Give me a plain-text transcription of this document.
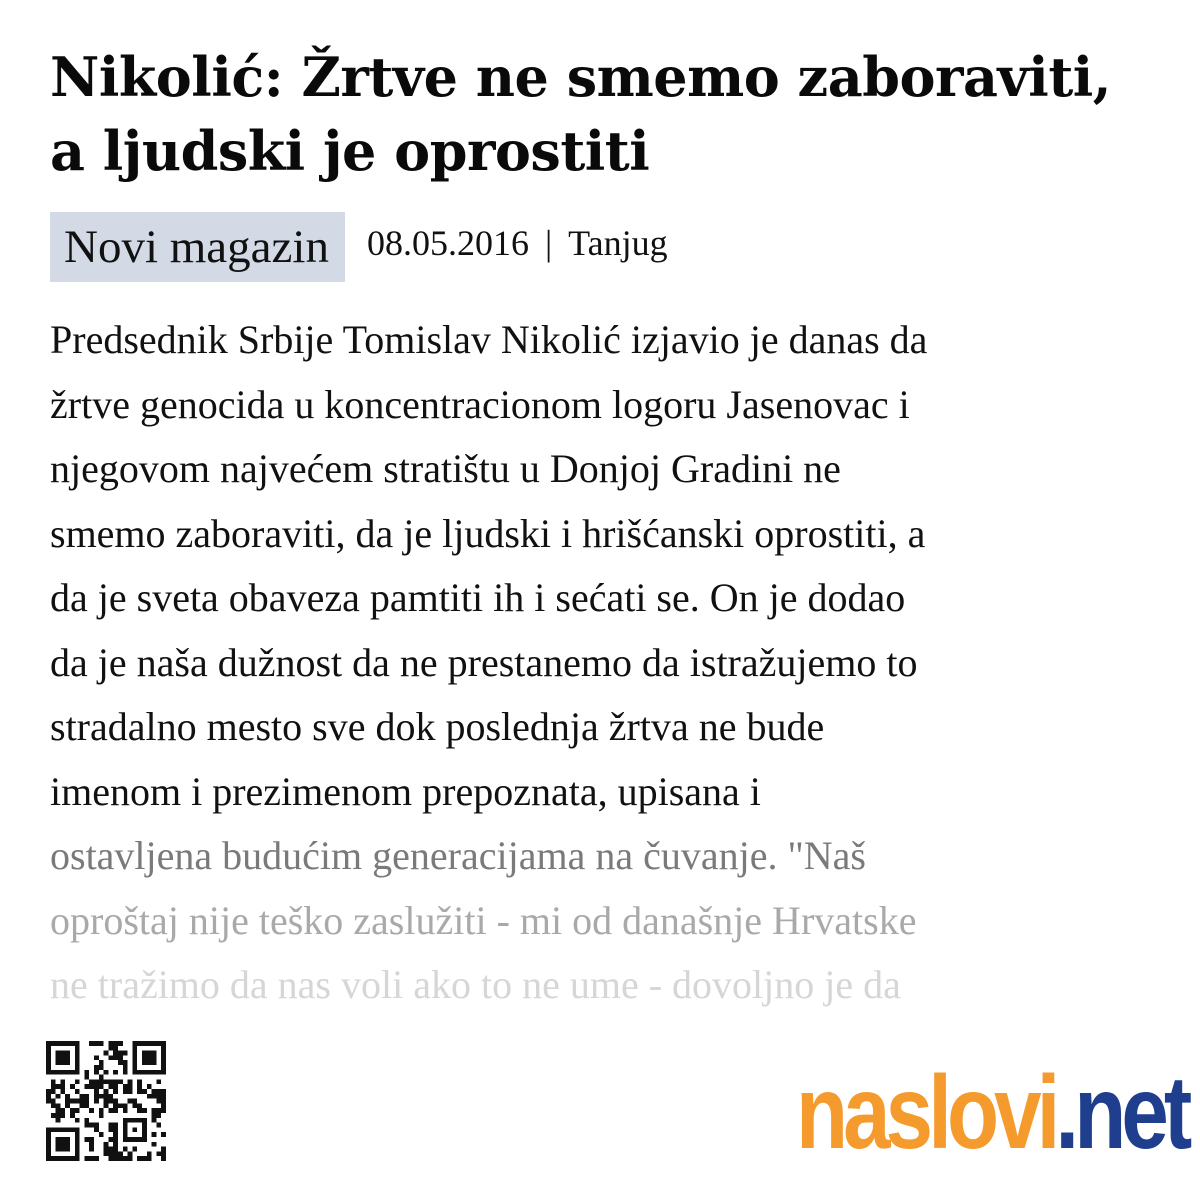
Nikolić: Žrtve ne smemo zaboraviti, a ljudski je oprostiti
Novi magazin	08.05.2016 | Tanjug
Predsednik Srbije Tomislav Nikolić izjavio je danas da
žrtve genocida u koncentracionom logoru Jasenovac i
njegovom najvećem stratištu u Donjoj Gradini ne
smemo zaboraviti, da je ljudski i hrišćanski oprostiti, a
da je sveta obaveza pamtiti ih i sećati se. On je dodao
da je naša dužnost da ne prestanemo da istražujemo to
stradalno mesto sve dok poslednja žrtva ne bude
imenom i prezimenom prepoznata, upisana i
ostavljena budućim generacijama na čuvanje. "Naš
oproštaj nije teško zaslužiti - mi od današnje Hrvatske
ne tražimo da nas voli ako to ne ume - dovoljno je da
naslovi.net
